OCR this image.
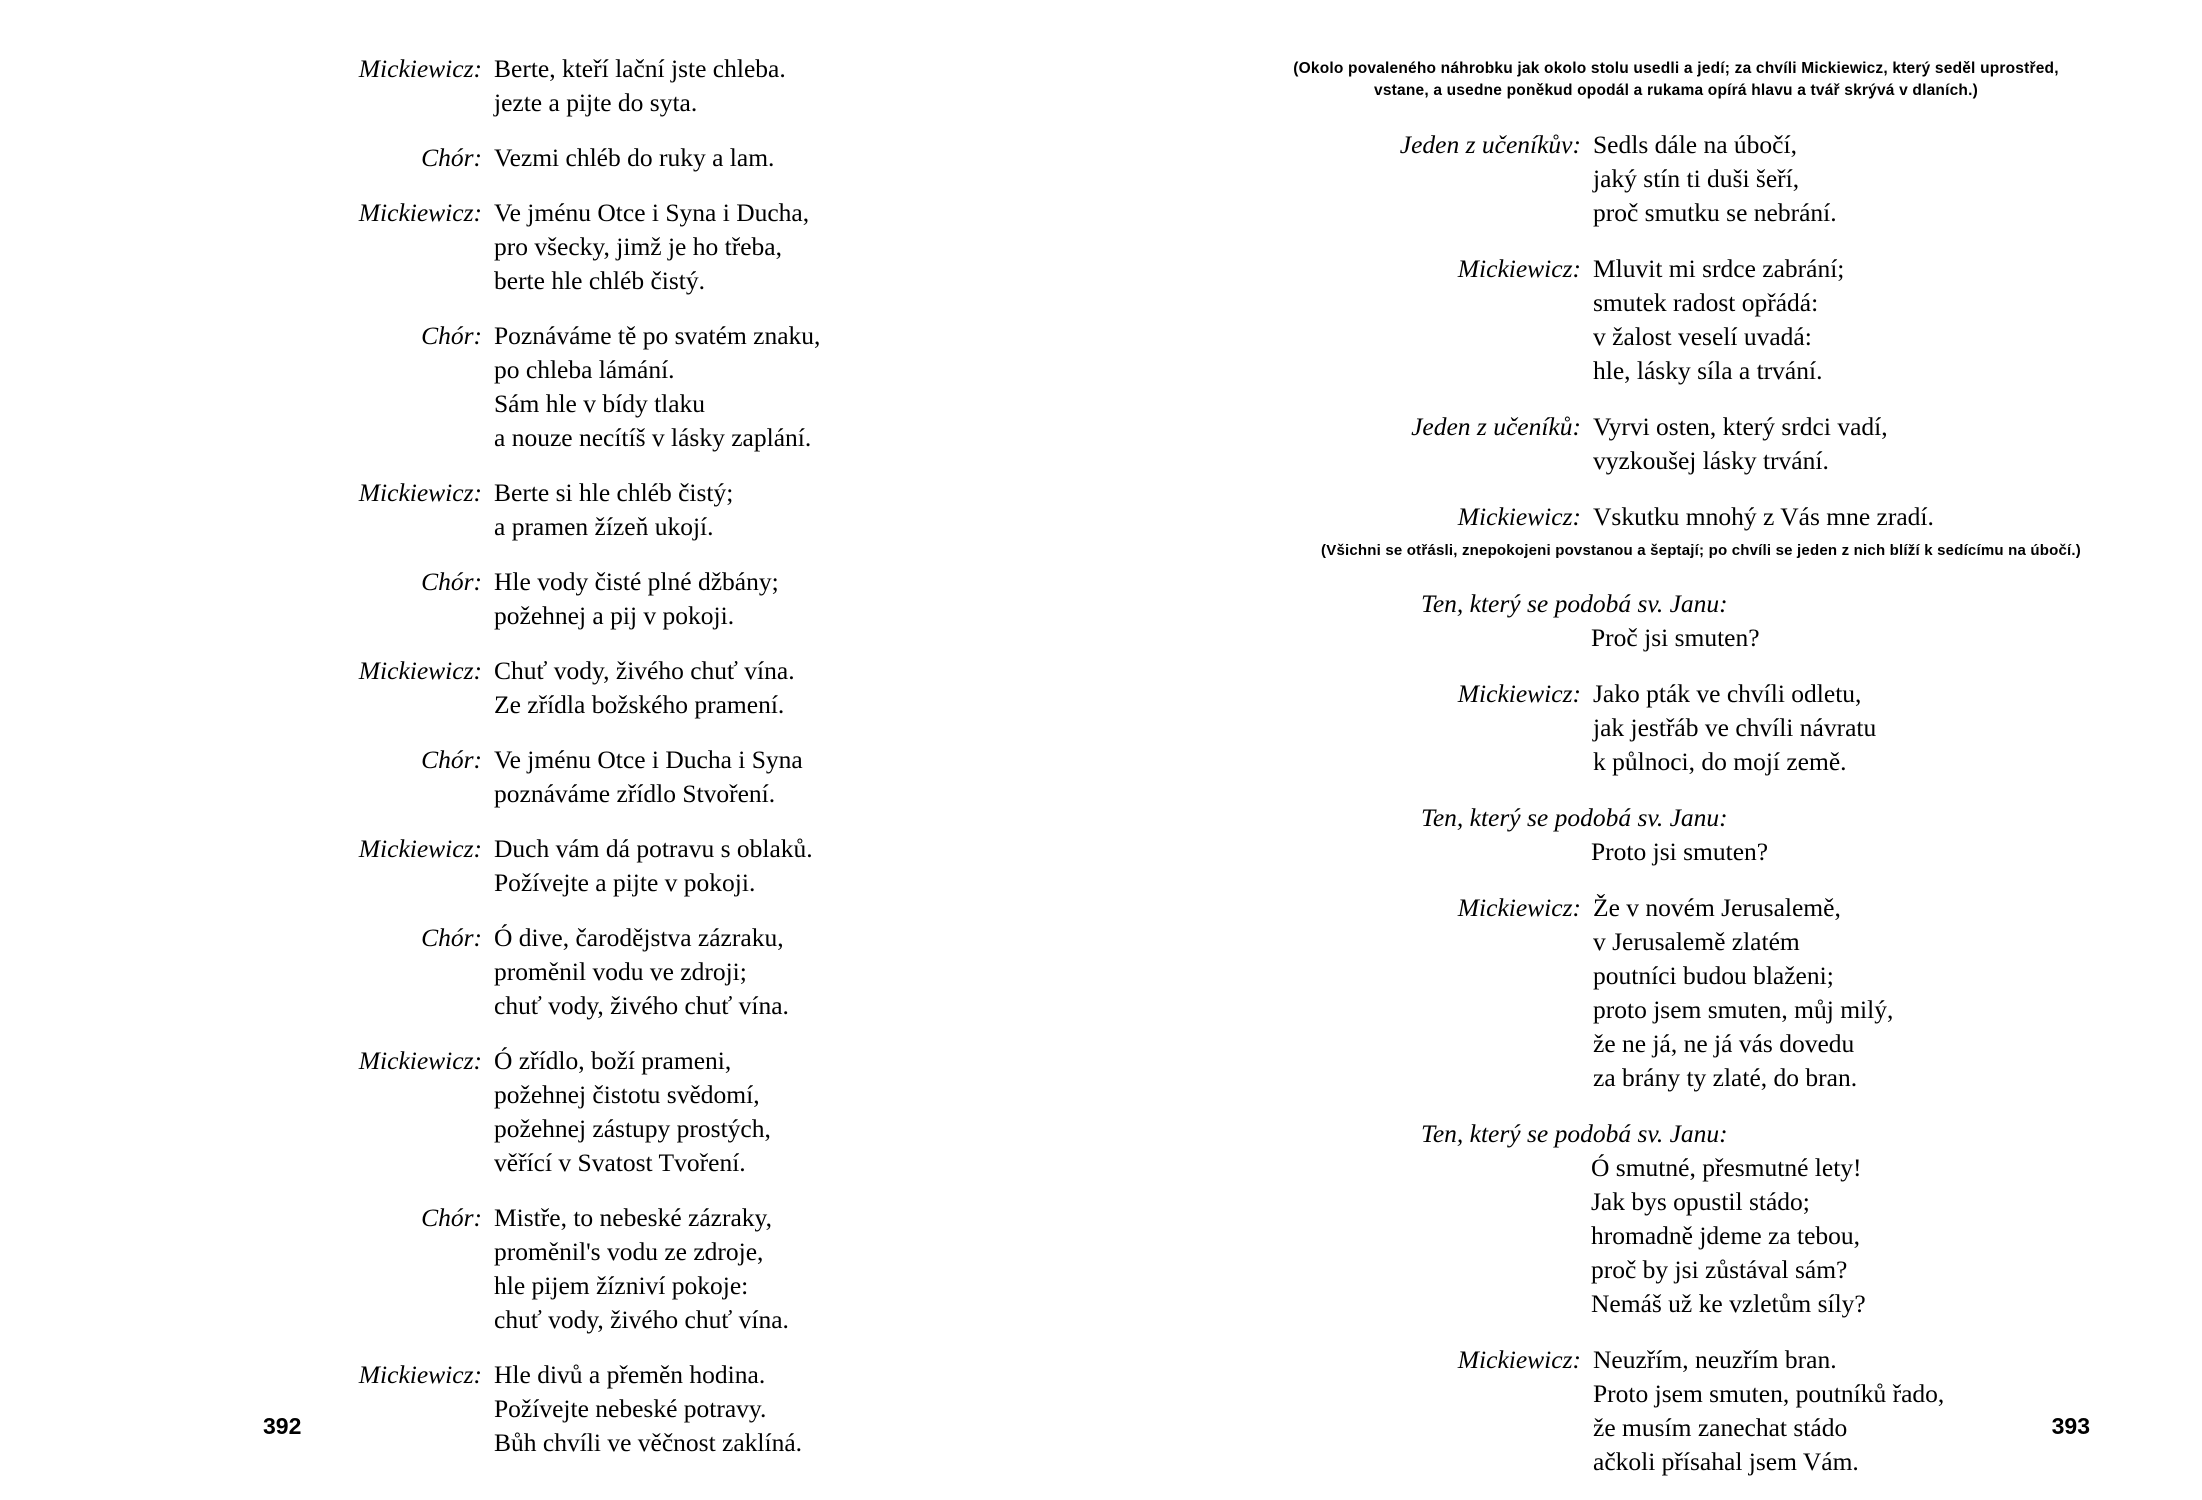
Mickiewicz: Berte, kteří lační jste chleba.
jezte a pijte do syta.
Chór: Vezmi chléb do ruky a lam.
Mickiewicz: Ve jménu Otce i Syna i Ducha,
pro všecky, jimž je ho třeba,
berte hle chléb čistý.
Chór: Poznáváme tě po svatém znaku,
po chleba lámání.
Sám hle v bídy tlaku
a nouze necítíš v lásky zaplání.
Mickiewicz: Berte si hle chléb čistý;
a pramen žízeň ukojí.
Chór: Hle vody čisté plné džbány;
požehnej a pij v pokoji.
Mickiewicz: Chuť vody, živého chuť vína.
Ze zřídla božského pramení.
Chór: Ve jménu Otce i Ducha i Syna
poznáváme zřídlo Stvoření.
Mickiewicz: Duch vám dá potravu s oblaků.
Požívejte a pijte v pokoji.
Chór: Ó dive, čarodějstva zázraku,
proměnil vodu ve zdroji;
chuť vody, živého chuť vína.
Mickiewicz: Ó zřídlo, boží prameni,
požehnej čistotu svědomí,
požehnej zástupy prostých,
věřící v Svatost Tvoření.
Chór: Mistře, to nebeské zázraky,
proměnil's vodu ze zdroje,
hle pijem žízniví pokoje:
chuť vody, živého chuť vína.
Mickiewicz: Hle divů a přeměn hodina.
Požívejte nebeské potravy.
Bůh chvíli ve věčnost zaklíná.
392
(Okolo povaleného náhrobku jak okolo stolu usedli a jedí; za chvíli Mickiewicz, který seděl uprostřed, vstane, a usedne poněkud opodál a rukama opírá hlavu a tvář skrývá v dlaních.)
Jeden z učeníkův: Sedls dále na úbočí,
jaký stín ti duši šeří,
proč smutku se nebrání.
Mickiewicz: Mluvit mi srdce zabrání;
smutek radost opřádá:
v žalost veselí uvadá:
hle, lásky síla a trvání.
Jeden z učeníků: Vyrvi osten, který srdci vadí,
vyzkoušej lásky trvání.
Mickiewicz: Vskutku mnohý z Vás mne zradí.
(Všichni se otřásli, znepokojeni povstanou a šeptají; po chvíli se jeden z nich blíží k sedícímu na úbočí.)
Ten, který se podobá sv. Janu:
Proč jsi smuten?
Mickiewicz: Jako pták ve chvíli odletu,
jak jestřáb ve chvíli návratu
k půlnoci, do mojí země.
Ten, který se podobá sv. Janu:
Proto jsi smuten?
Mickiewicz: Že v novém Jerusalemě,
v Jerusalemě zlatém
poutníci budou blaženi;
proto jsem smuten, můj milý,
že ne já, ne já vás dovedu
za brány ty zlaté, do bran.
Ten, který se podobá sv. Janu:
Ó smutné, přesmutné lety!
Jak bys opustil stádo;
hromadně jdeme za tebou,
proč by jsi zůstával sám?
Nemáš už ke vzletům síly?
Mickiewicz: Neuzřím, neuzřím bran.
Proto jsem smuten, poutníků řado,
že musím zanechat stádo
ačkoli přísahal jsem Vám.
393
